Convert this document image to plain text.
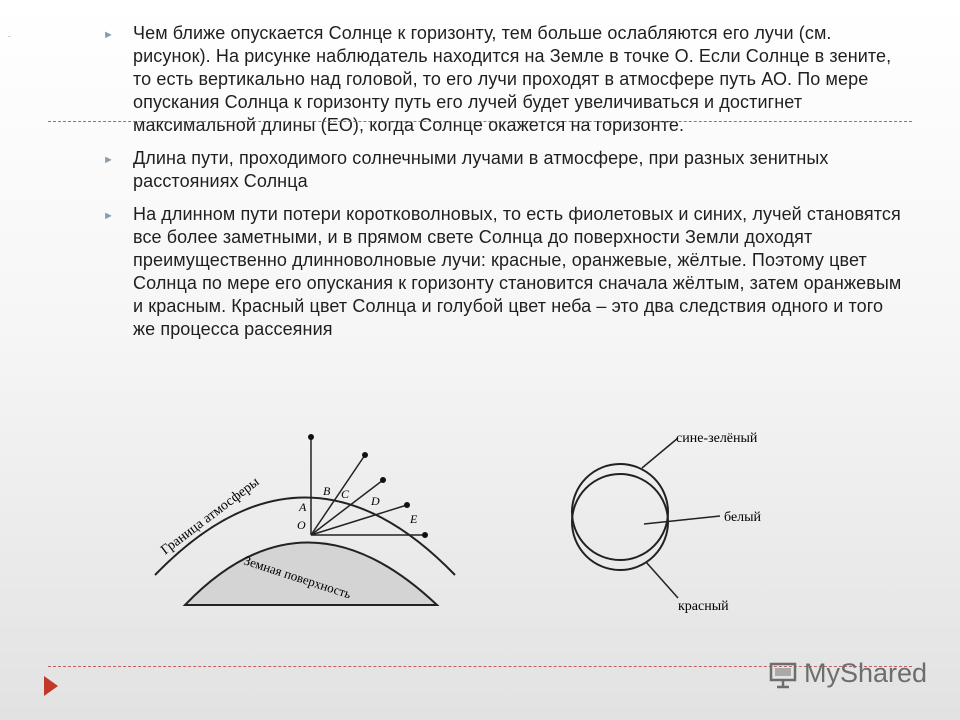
.	► Чем ближе опускается Солнце к горизонту, тем больше ослабляются его лучи (см. рисунок). На рисунке наблюдатель находится на Земле в точке О. Если Солнце в зените, то есть вертикально над головой, то его лучи проходят в атмосфере путь АО. По мере опускания Солнца к горизонту путь его лучей будет увеличиваться и достигнет максимальной длины (ЕО), когда Солнце окажется на горизонте.
► Длина пути, проходимого солнечными лучами в атмосфере, при разных зенитных расстояниях Солнца
► На длинном пути потери коротковолновых, то есть фиолетовых и синих, лучей становятся все более заметными, и в прямом свете Солнца до поверхности Земли доходят преимущественно длинноволновые лучи: красные, оранжевые, жёлтые. Поэтому цвет Солнца по мере его опускания к горизонту становится сначала жёлтым, затем оранжевым и красным. Красный цвет Солнца и голубой цвет неба – это два следствия одного и того же процесса рассеяния
O
A
B C D
E
Граница атмосферы
Земная поверхность
сине-зелёный
белый
красный
MyShared
